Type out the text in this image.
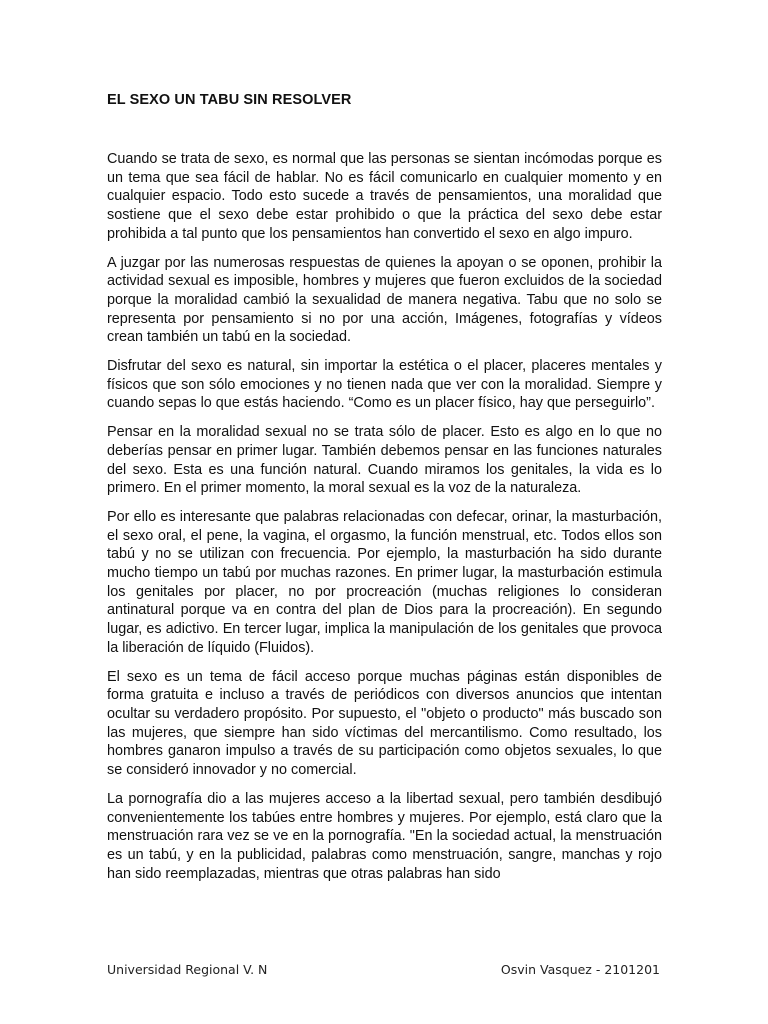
EL SEXO UN TABU SIN RESOLVER

Cuando se trata de sexo, es normal que las personas se sientan incómodas porque es un tema que sea fácil de hablar. No es fácil comunicarlo en cualquier momento y en cualquier espacio. Todo esto sucede a través de pensamientos, una moralidad que sostiene que el sexo debe estar prohibido o que la práctica del sexo debe estar prohibida a tal punto que los pensamientos han convertido el sexo en algo impuro.

A juzgar por las numerosas respuestas de quienes la apoyan o se oponen, prohibir la actividad sexual es imposible, hombres y mujeres que fueron excluidos de la sociedad porque la moralidad cambió la sexualidad de manera negativa. Tabu que no solo se representa por pensamiento si no por una acción, Imágenes, fotografías y vídeos crean también un tabú en la sociedad.

Disfrutar del sexo es natural, sin importar la estética o el placer, placeres mentales y físicos que son sólo emociones y no tienen nada que ver con la moralidad. Siempre y cuando sepas lo que estás haciendo. “Como es un placer físico, hay que perseguirlo”.

Pensar en la moralidad sexual no se trata sólo de placer. Esto es algo en lo que no deberías pensar en primer lugar. También debemos pensar en las funciones naturales del sexo. Esta es una función natural. Cuando miramos los genitales, la vida es lo primero. En el primer momento, la moral sexual es la voz de la naturaleza.

Por ello es interesante que palabras relacionadas con defecar, orinar, la masturbación, el sexo oral, el pene, la vagina, el orgasmo, la función menstrual, etc. Todos ellos son tabú y no se utilizan con frecuencia. Por ejemplo, la masturbación ha sido durante mucho tiempo un tabú por muchas razones. En primer lugar, la masturbación estimula los genitales por placer, no por procreación (muchas religiones lo consideran antinatural porque va en contra del plan de Dios para la procreación). En segundo lugar, es adictivo. En tercer lugar, implica la manipulación de los genitales que provoca la liberación de líquido (Fluidos).

El sexo es un tema de fácil acceso porque muchas páginas están disponibles de forma gratuita e incluso a través de periódicos con diversos anuncios que intentan ocultar su verdadero propósito. Por supuesto, el "objeto o producto" más buscado son las mujeres, que siempre han sido víctimas del mercantilismo. Como resultado, los hombres ganaron impulso a través de su participación como objetos sexuales, lo que se consideró innovador y no comercial.

La pornografía dio a las mujeres acceso a la libertad sexual, pero también desdibujó convenientemente los tabúes entre hombres y mujeres. Por ejemplo, está claro que la menstruación rara vez se ve en la pornografía. "En la sociedad actual, la menstruación es un tabú, y en la publicidad, palabras como menstruación, sangre, manchas y rojo han sido reemplazadas, mientras que otras palabras han sido

Universidad Regional V. N	Osvin Vasquez - 2101201
